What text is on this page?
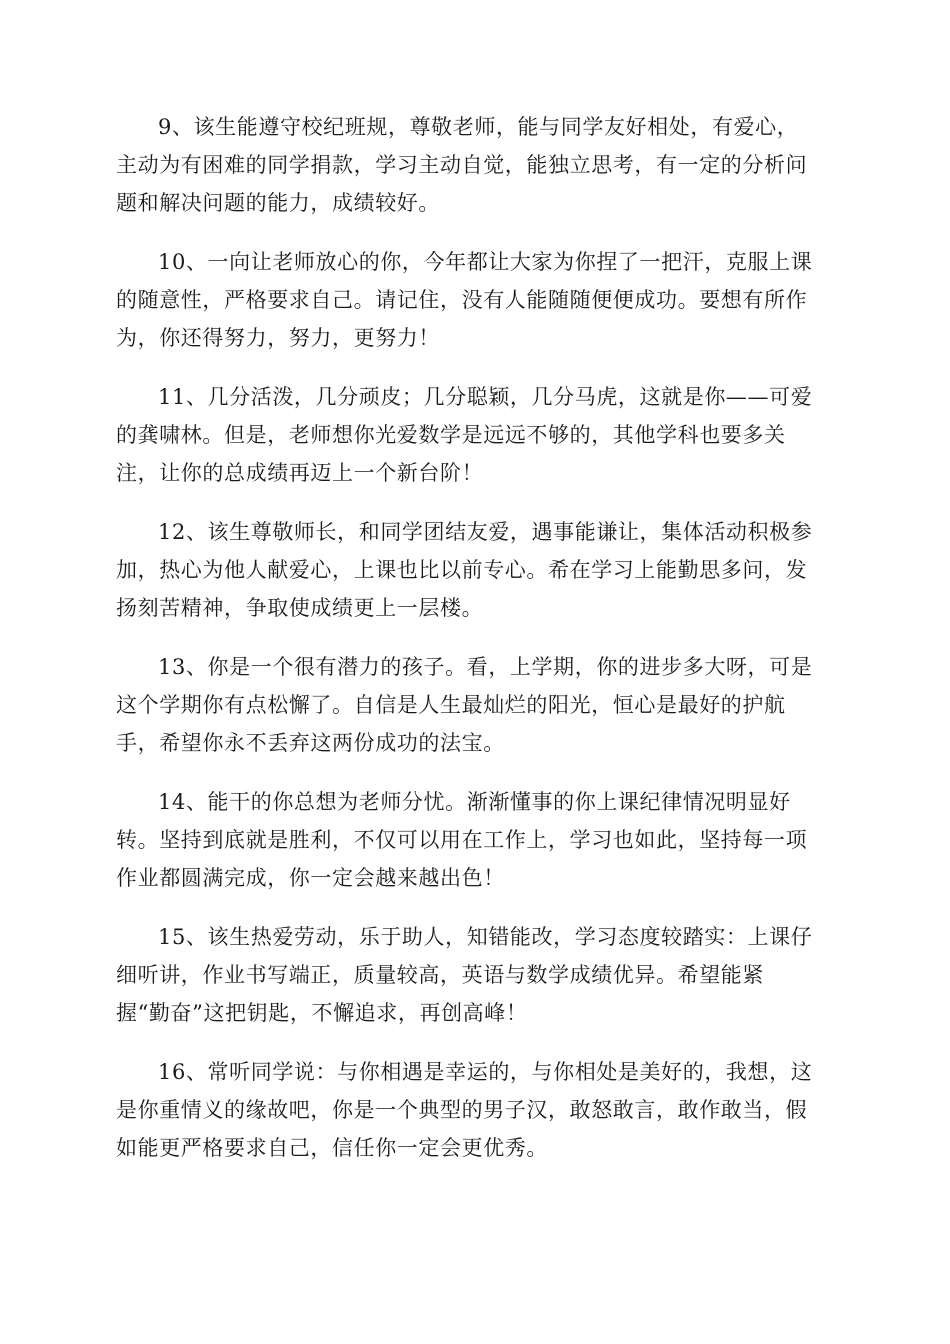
9、该生能遵守校纪班规，尊敬老师，能与同学友好相处，有爱心，
主动为有困难的同学捐款，学习主动自觉，能独立思考，有一定的分析问
题和解决问题的能力，成绩较好。

10、一向让老师放心的你，今年都让大家为你捏了一把汗，克服上课
的随意性，严格要求自己。请记住，没有人能随随便便成功。要想有所作
为，你还得努力，努力，更努力！

11、几分活泼，几分顽皮；几分聪颖，几分马虎，这就是你——可爱
的龚啸林。但是，老师想你光爱数学是远远不够的，其他学科也要多关
注，让你的总成绩再迈上一个新台阶！

12、该生尊敬师长，和同学团结友爱，遇事能谦让，集体活动积极参
加，热心为他人献爱心，上课也比以前专心。希在学习上能勤思多问，发
扬刻苦精神，争取使成绩更上一层楼。

13、你是一个很有潜力的孩子。看，上学期，你的进步多大呀，可是
这个学期你有点松懈了。自信是人生最灿烂的阳光，恒心是最好的护航
手，希望你永不丢弃这两份成功的法宝。

14、能干的你总想为老师分忧。渐渐懂事的你上课纪律情况明显好
转。坚持到底就是胜利，不仅可以用在工作上，学习也如此，坚持每一项
作业都圆满完成，你一定会越来越出色！

15、该生热爱劳动，乐于助人，知错能改，学习态度较踏实：上课仔
细听讲，作业书写端正，质量较高，英语与数学成绩优异。希望能紧
握“勤奋”这把钥匙，不懈追求，再创高峰！

16、常听同学说：与你相遇是幸运的，与你相处是美好的，我想，这
是你重情义的缘故吧，你是一个典型的男子汉，敢怒敢言，敢作敢当，假
如能更严格要求自己，信任你一定会更优秀。
